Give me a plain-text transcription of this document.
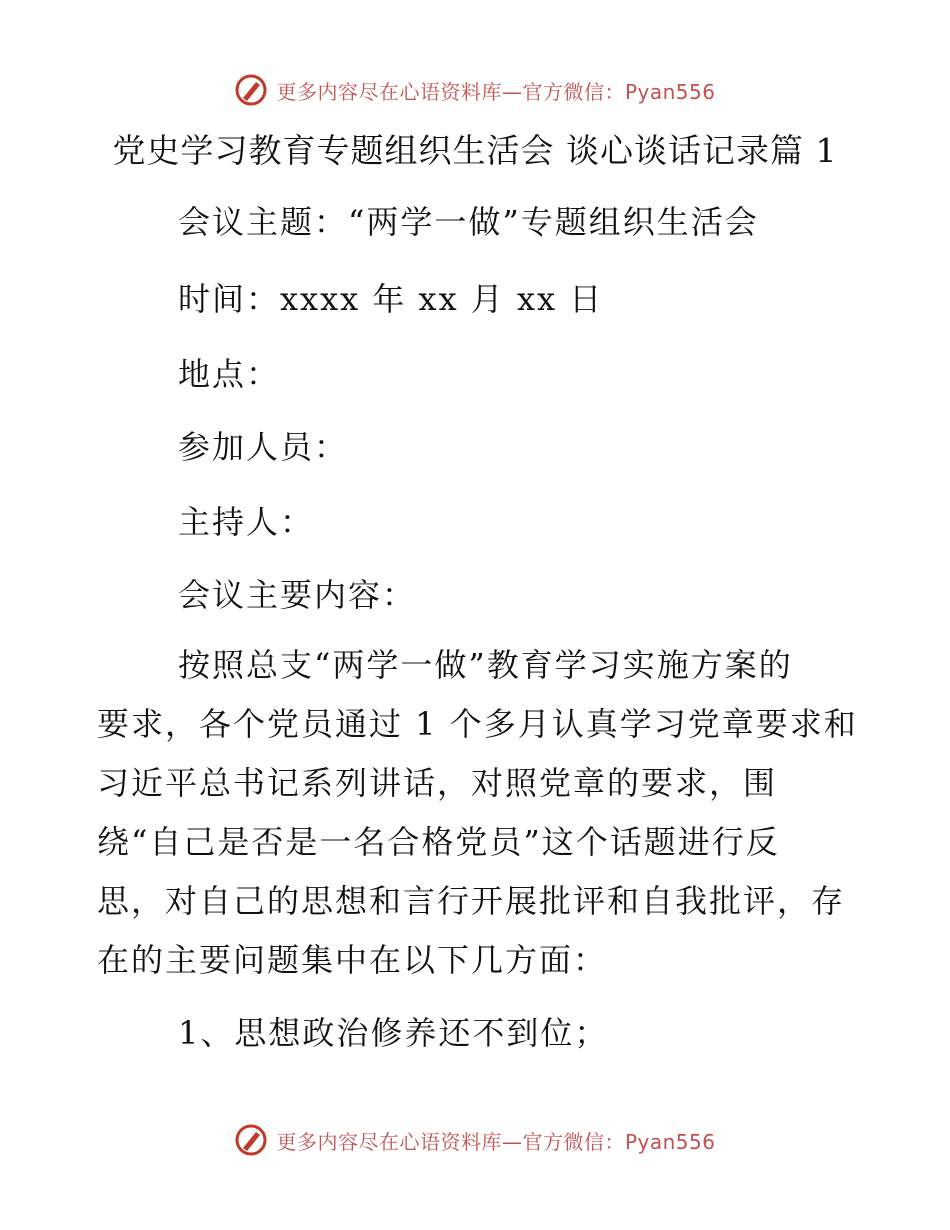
更多内容尽在心语资料库—官方微信：Pyan556
党史学习教育专题组织生活会 谈心谈话记录篇 1
会议主题：“两学一做”专题组织生活会
时间：xxxx 年 xx 月 xx 日
地点：
参加人员：
主持人：
会议主要内容：
按照总支“两学一做”教育学习实施方案的
要求，各个党员通过 1 个多月认真学习党章要求和
习近平总书记系列讲话，对照党章的要求，围
绕“自己是否是一名合格党员”这个话题进行反
思，对自己的思想和言行开展批评和自我批评，存
在的主要问题集中在以下几方面：
1、思想政治修养还不到位；
更多内容尽在心语资料库—官方微信：Pyan556
